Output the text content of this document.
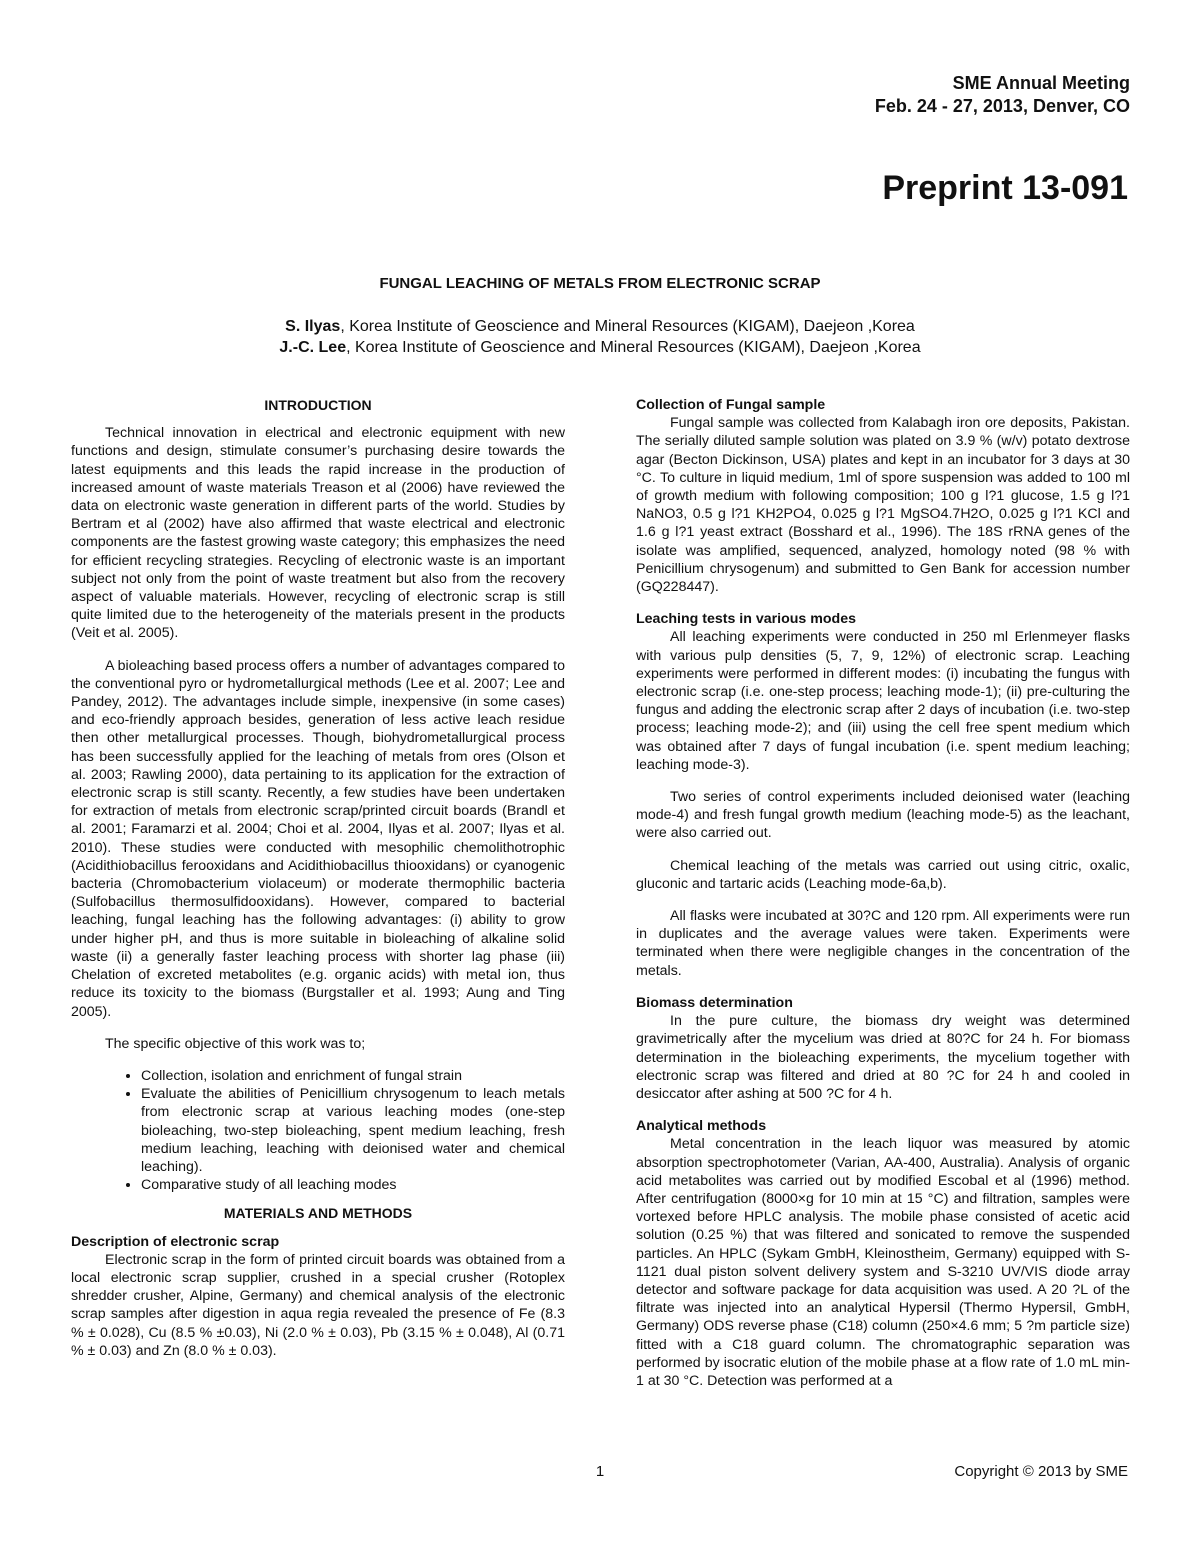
SME Annual Meeting
Feb. 24 - 27, 2013, Denver, CO
Preprint 13-091
FUNGAL LEACHING OF METALS FROM ELECTRONIC SCRAP
S. Ilyas, Korea Institute of Geoscience and Mineral Resources (KIGAM), Daejeon ,Korea
J.-C. Lee, Korea Institute of Geoscience and Mineral Resources (KIGAM), Daejeon ,Korea
INTRODUCTION

Technical innovation in electrical and electronic equipment with new functions and design, stimulate consumer’s purchasing desire towards the latest equipments and this leads the rapid increase in the production of increased amount of waste materials Treason et al (2006) have reviewed the data on electronic waste generation in different parts of the world. Studies by Bertram et al (2002) have also affirmed that waste electrical and electronic components are the fastest growing waste category; this emphasizes the need for efficient recycling strategies. Recycling of electronic waste is an important subject not only from the point of waste treatment but also from the recovery aspect of valuable materials. However, recycling of electronic scrap is still quite limited due to the heterogeneity of the materials present in the products (Veit et al. 2005).

A bioleaching based process offers a number of advantages compared to the conventional pyro or hydrometallurgical methods (Lee et al. 2007; Lee and Pandey, 2012). The advantages include simple, inexpensive (in some cases) and eco-friendly approach besides, generation of less active leach residue then other metallurgical processes. Though, biohydrometallurgical process has been successfully applied for the leaching of metals from ores (Olson et al. 2003; Rawling 2000), data pertaining to its application for the extraction of electronic scrap is still scanty. Recently, a few studies have been undertaken for extraction of metals from electronic scrap/printed circuit boards (Brandl et al. 2001; Faramarzi et al. 2004; Choi et al. 2004, Ilyas et al. 2007; Ilyas et al. 2010). These studies were conducted with mesophilic chemolithotrophic (Acidithiobacillus ferooxidans and Acidithiobacillus thiooxidans) or cyanogenic bacteria (Chromobacterium violaceum) or moderate thermophilic bacteria (Sulfobacillus thermosulfidooxidans). However, compared to bacterial leaching, fungal leaching has the following advantages: (i) ability to grow under higher pH, and thus is more suitable in bioleaching of alkaline solid waste (ii) a generally faster leaching process with shorter lag phase (iii) Chelation of excreted metabolites (e.g. organic acids) with metal ion, thus reduce its toxicity to the biomass (Burgstaller et al. 1993; Aung and Ting 2005).

The specific objective of this work was to;

• Collection, isolation and enrichment of fungal strain
• Evaluate the abilities of Penicillium chrysogenum to leach metals from electronic scrap at various leaching modes (one-step bioleaching, two-step bioleaching, spent medium leaching, fresh medium leaching, leaching with deionised water and chemical leaching).
• Comparative study of all leaching modes
MATERIALS AND METHODS
Description of electronic scrap

Electronic scrap in the form of printed circuit boards was obtained from a local electronic scrap supplier, crushed in a special crusher (Rotoplex shredder crusher, Alpine, Germany) and chemical analysis of the electronic scrap samples after digestion in aqua regia revealed the presence of Fe (8.3 % ± 0.028), Cu (8.5 % ±0.03), Ni (2.0 % ± 0.03), Pb (3.15 % ± 0.048), Al (0.71 % ± 0.03) and Zn (8.0 % ± 0.03).

Collection of Fungal sample

Fungal sample was collected from Kalabagh iron ore deposits, Pakistan. The serially diluted sample solution was plated on 3.9 % (w/v) potato dextrose agar (Becton Dickinson, USA) plates and kept in an incubator for 3 days at 30 °C. To culture in liquid medium, 1ml of spore suspension was added to 100 ml of growth medium with following composition; 100 g l?1 glucose, 1.5 g l?1 NaNO3, 0.5 g l?1 KH2PO4, 0.025 g l?1 MgSO4.7H2O, 0.025 g l?1 KCl and 1.6 g l?1 yeast extract (Bosshard et al., 1996). The 18S rRNA genes of the isolate was amplified, sequenced, analyzed, homology noted (98 % with Penicillium chrysogenum) and submitted to Gen Bank for accession number (GQ228447).

Leaching tests in various modes

All leaching experiments were conducted in 250 ml Erlenmeyer flasks with various pulp densities (5, 7, 9, 12%) of electronic scrap. Leaching experiments were performed in different modes: (i) incubating the fungus with electronic scrap (i.e. one-step process; leaching mode-1); (ii) pre-culturing the fungus and adding the electronic scrap after 2 days of incubation (i.e. two-step process; leaching mode-2); and (iii) using the cell free spent medium which was obtained after 7 days of fungal incubation (i.e. spent medium leaching; leaching mode-3).

Two series of control experiments included deionised water (leaching mode-4) and fresh fungal growth medium (leaching mode-5) as the leachant, were also carried out.

Chemical leaching of the metals was carried out using citric, oxalic, gluconic and tartaric acids (Leaching mode-6a,b).

All flasks were incubated at 30?C and 120 rpm. All experiments were run in duplicates and the average values were taken. Experiments were terminated when there were negligible changes in the concentration of the metals.

Biomass determination

In the pure culture, the biomass dry weight was determined gravimetrically after the mycelium was dried at 80?C for 24 h. For biomass determination in the bioleaching experiments, the mycelium together with electronic scrap was filtered and dried at 80 ?C for 24 h and cooled in desiccator after ashing at 500 ?C for 4 h.

Analytical methods

Metal concentration in the leach liquor was measured by atomic absorption spectrophotometer (Varian, AA-400, Australia). Analysis of organic acid metabolites was carried out by modified Escobal et al (1996) method. After centrifugation (8000×g for 10 min at 15 °C) and filtration, samples were vortexed before HPLC analysis. The mobile phase consisted of acetic acid solution (0.25 %) that was filtered and sonicated to remove the suspended particles. An HPLC (Sykam GmbH, Kleinostheim, Germany) equipped with S-1121 dual piston solvent delivery system and S-3210 UV/VIS diode array detector and software package for data acquisition was used. A 20 ?L of the filtrate was injected into an analytical Hypersil (Thermo Hypersil, GmbH, Germany) ODS reverse phase (C18) column (250×4.6 mm; 5 ?m particle size) fitted with a C18 guard column. The chromatographic separation was performed by isocratic elution of the mobile phase at a flow rate of 1.0 mL min-1 at 30 °C. Detection was performed at a

1	Copyright © 2013 by SME
